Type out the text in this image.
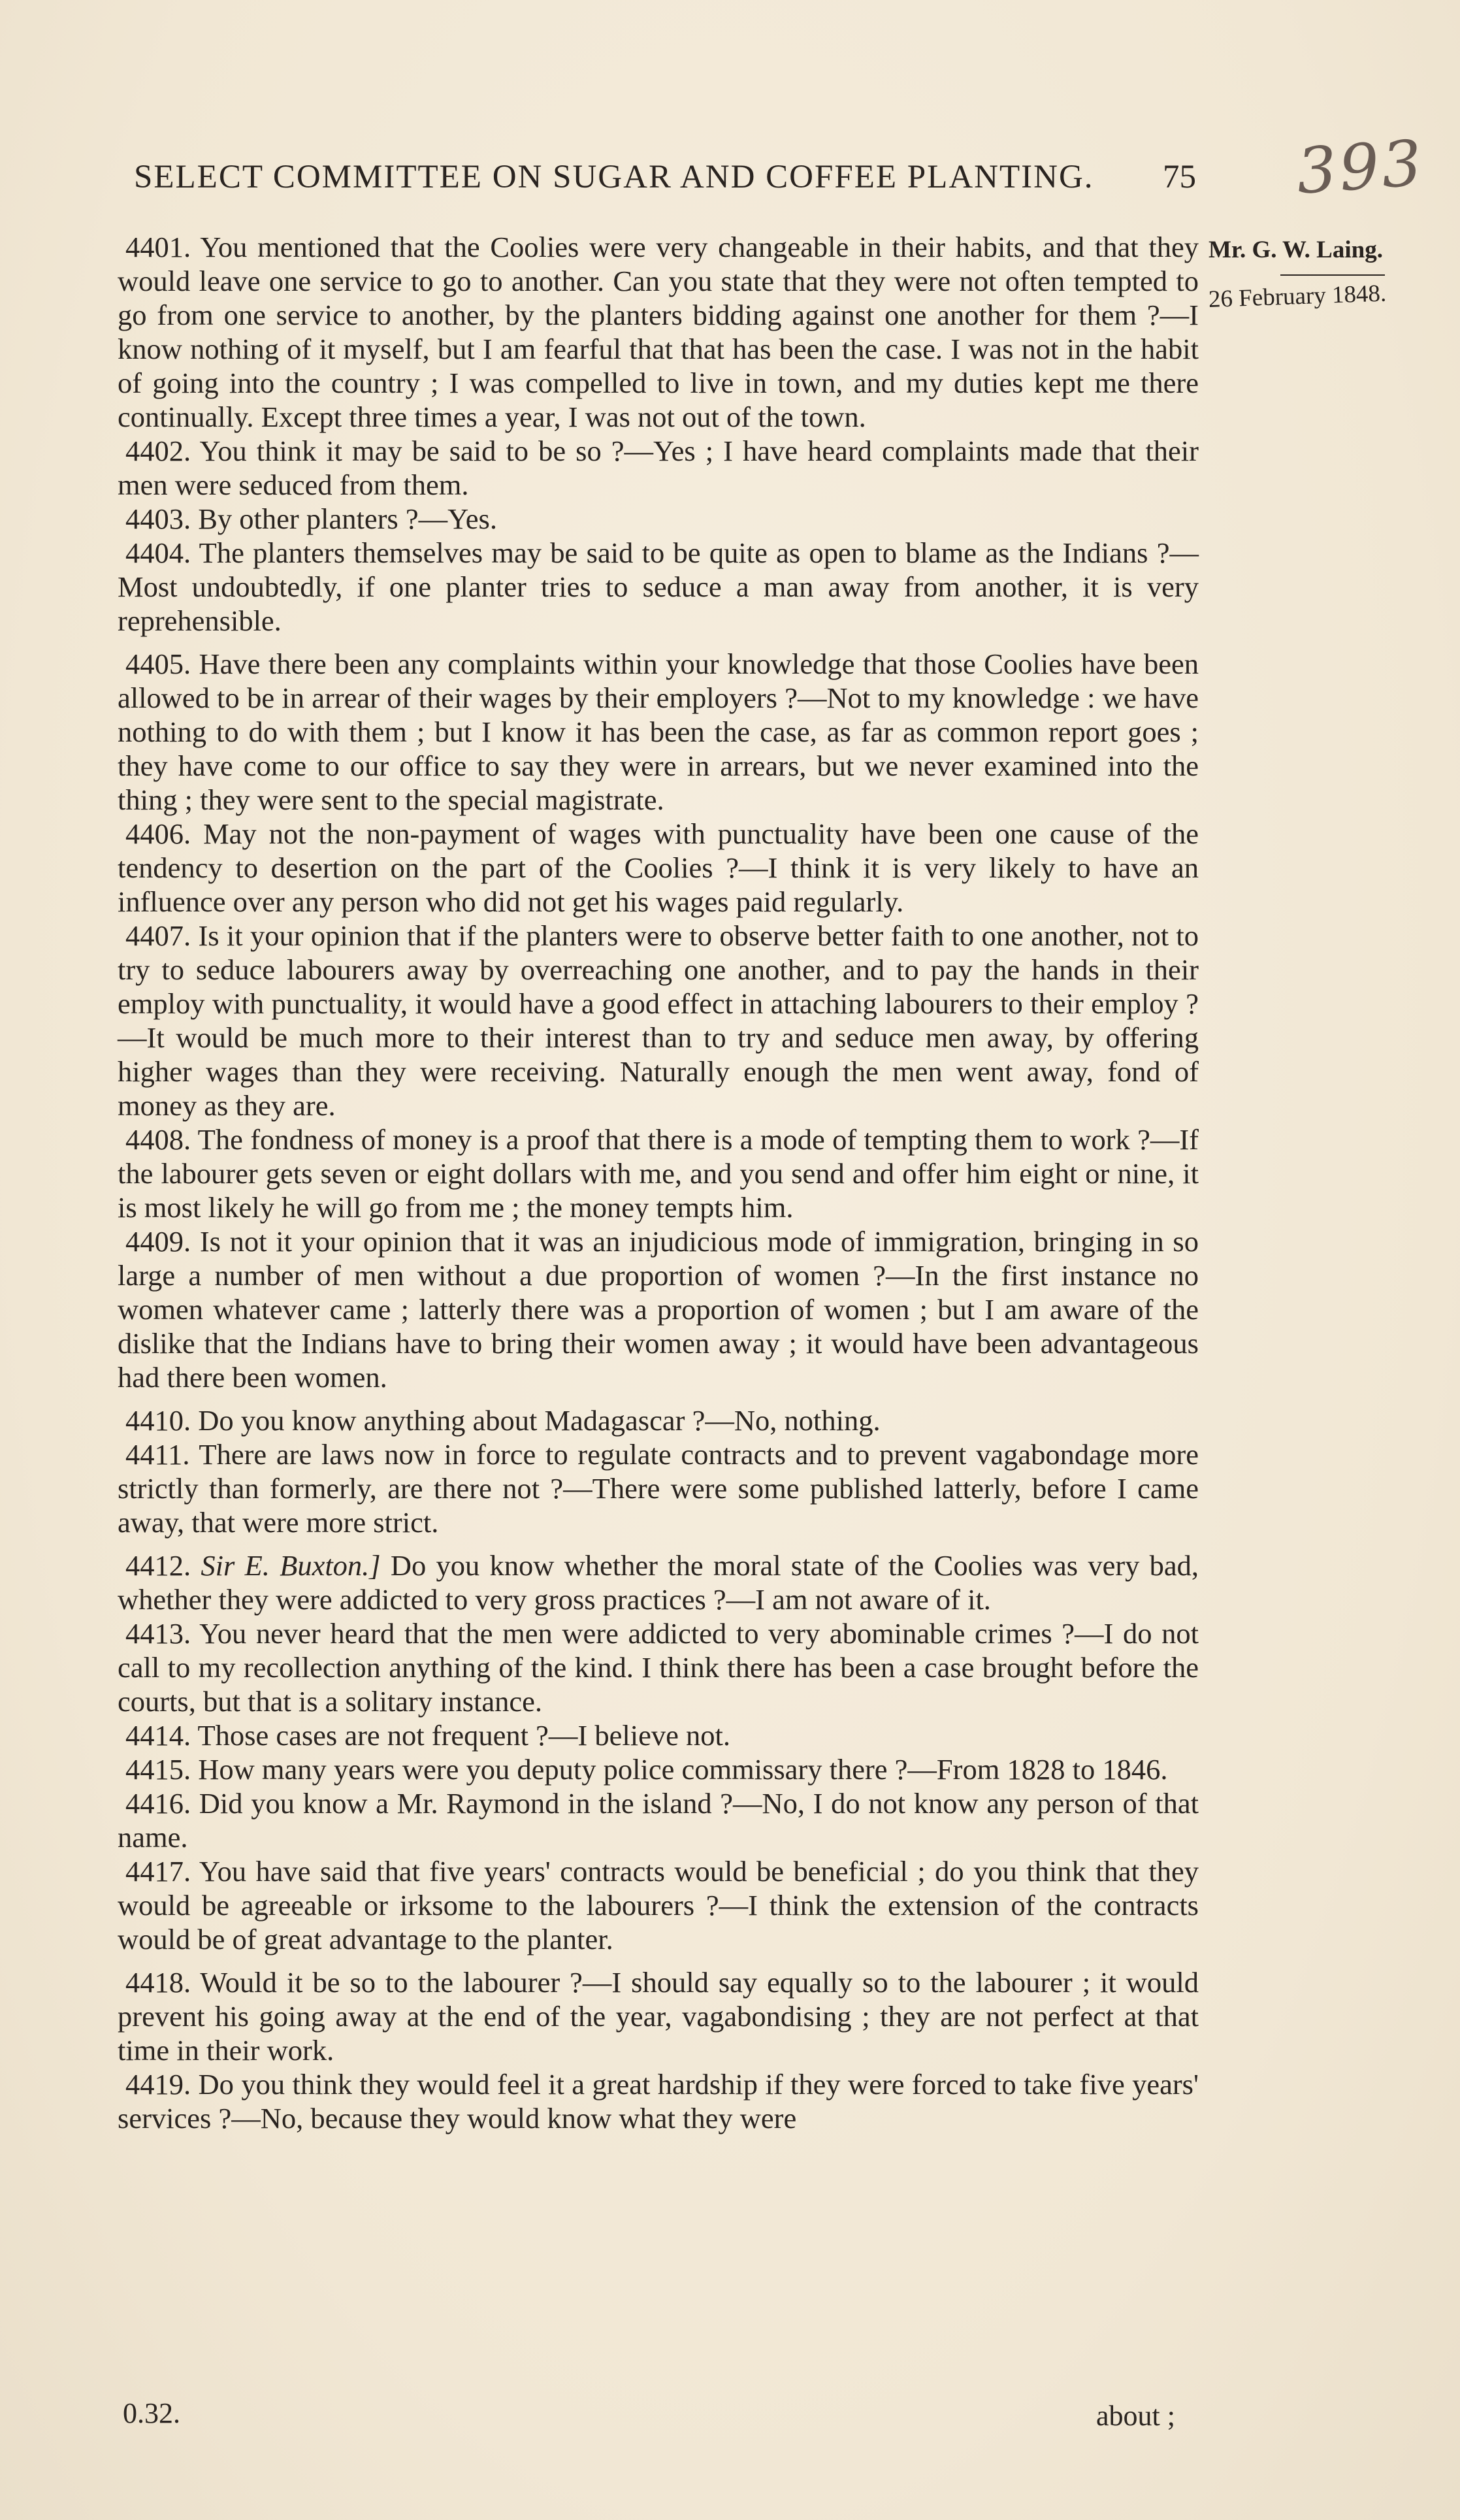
SELECT COMMITTEE ON SUGAR AND COFFEE PLANTING. 75 393
Mr. G. W. Laing.
26 February 1848.

4401. You mentioned that the Coolies were very changeable in their habits, and that they would leave one service to go to another. Can you state that they were not often tempted to go from one service to another, by the planters bidding against one another for them ?—I know nothing of it myself, but I am fearful that that has been the case. I was not in the habit of going into the country ; I was compelled to live in town, and my duties kept me there continually. Except three times a year, I was not out of the town.

4402. You think it may be said to be so ?—Yes ; I have heard complaints made that their men were seduced from them.

4403. By other planters ?—Yes.

4404. The planters themselves may be said to be quite as open to blame as the Indians ?—Most undoubtedly, if one planter tries to seduce a man away from another, it is very reprehensible.

4405. Have there been any complaints within your knowledge that those Coolies have been allowed to be in arrear of their wages by their employers ?—Not to my knowledge : we have nothing to do with them ; but I know it has been the case, as far as common report goes ; they have come to our office to say they were in arrears, but we never examined into the thing ; they were sent to the special magistrate.

4406. May not the non-payment of wages with punctuality have been one cause of the tendency to desertion on the part of the Coolies ?—I think it is very likely to have an influence over any person who did not get his wages paid regularly.

4407. Is it your opinion that if the planters were to observe better faith to one another, not to try to seduce labourers away by overreaching one another, and to pay the hands in their employ with punctuality, it would have a good effect in attaching labourers to their employ ?—It would be much more to their interest than to try and seduce men away, by offering higher wages than they were receiving. Naturally enough the men went away, fond of money as they are.

4408. The fondness of money is a proof that there is a mode of tempting them to work ?—If the labourer gets seven or eight dollars with me, and you send and offer him eight or nine, it is most likely he will go from me ; the money tempts him.

4409. Is not it your opinion that it was an injudicious mode of immigration, bringing in so large a number of men without a due proportion of women ?—In the first instance no women whatever came ; latterly there was a proportion of women ; but I am aware of the dislike that the Indians have to bring their women away ; it would have been advantageous had there been women.

4410. Do you know anything about Madagascar ?—No, nothing.

4411. There are laws now in force to regulate contracts and to prevent vagabondage more strictly than formerly, are there not ?—There were some published latterly, before I came away, that were more strict.

4412. Sir E. Buxton.] Do you know whether the moral state of the Coolies was very bad, whether they were addicted to very gross practices ?—I am not aware of it.

4413. You never heard that the men were addicted to very abominable crimes ?—I do not call to my recollection anything of the kind. I think there has been a case brought before the courts, but that is a solitary instance.

4414. Those cases are not frequent ?—I believe not.

4415. How many years were you deputy police commissary there ?—From 1828 to 1846.

4416. Did you know a Mr. Raymond in the island ?—No, I do not know any person of that name.

4417. You have said that five years' contracts would be beneficial ; do you think that they would be agreeable or irksome to the labourers ?—I think the extension of the contracts would be of great advantage to the planter.

4418. Would it be so to the labourer ?—I should say equally so to the labourer ; it would prevent his going away at the end of the year, vagabondising ; they are not perfect at that time in their work.

4419. Do you think they would feel it a great hardship if they were forced to take five years' services ?—No, because they would know what they were

0.32.	about ;
